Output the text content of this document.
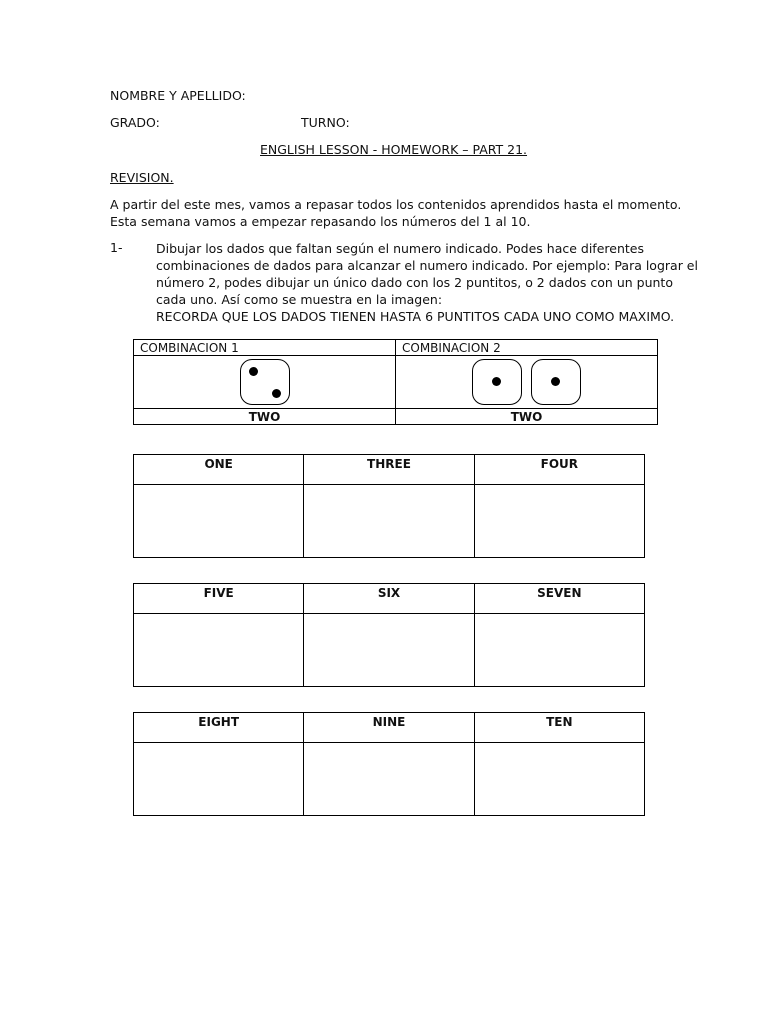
NOMBRE Y APELLIDO:
GRADO:	TURNO:
ENGLISH LESSON - HOMEWORK – PART 21.
REVISION.
A partir del este mes, vamos a repasar todos los contenidos aprendidos hasta el momento.
Esta semana vamos a empezar repasando los números del 1 al 10.
1-	Dibujar los dados que faltan según el numero indicado. Podes hace diferentes
combinaciones de dados para alcanzar el numero indicado. Por ejemplo: Para lograr el
número 2, podes dibujar un único dado con los 2 puntitos, o 2 dados con un punto
cada uno. Así como se muestra en la imagen:
RECORDA QUE LOS DADOS TIENEN HASTA 6 PUNTITOS CADA UNO COMO MAXIMO.
COMBINACION 1	COMBINACION 2

TWO	TWO
ONE	THREE	FOUR

FIVE	SIX	SEVEN

EIGHT	NINE	TEN
